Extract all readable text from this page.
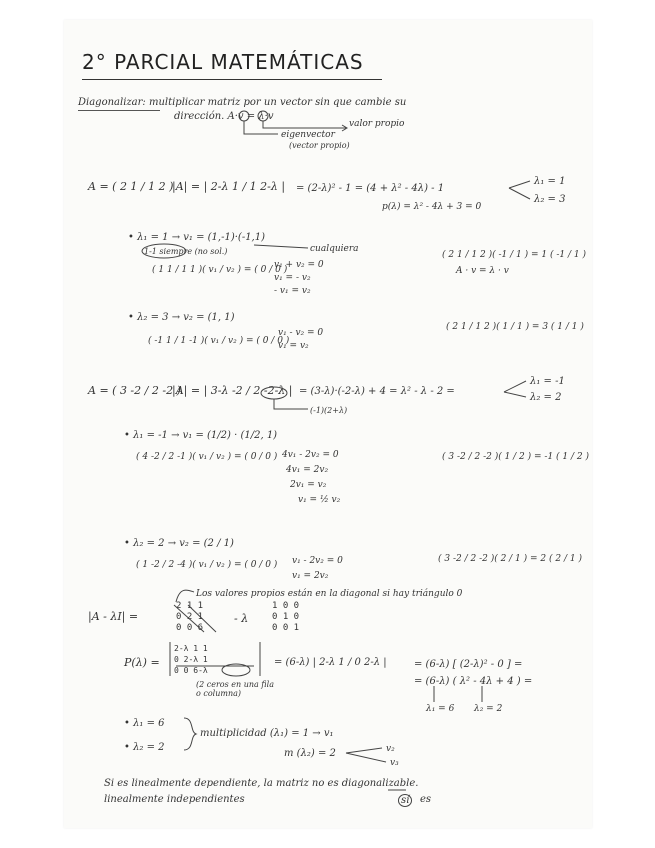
2° PARCIAL MATEMÁTICAS
Diagonalizar: multiplicar matriz por un vector sin que cambie su
dirección. A·v = λ·v
valor propio
eigenvector
(vector propio)
A = ( 2 1 / 1 2 )
|A| = | 2-λ 1 / 1 2-λ | = (2-λ)² - 1 = (4 + λ² - 4λ) - 1
p(λ) = λ² - 4λ + 3 = 0
λ₁ = 1
λ₂ = 3
• λ₁ = 1 → v₁ = (1,-1)·(-1,1)
cualquiera
1-1 siempre (no sol.)
( 1 1 / 1 1 )( v₁ / v₂ ) = ( 0 / 0 )
v₁ + v₂ = 0
v₁ = - v₂
- v₁ = v₂
( 2 1 / 1 2 )( -1 / 1 ) = 1 ( -1 / 1 )
A · v = λ · v
• λ₂ = 3 → v₂ = (1, 1)
( -1 1 / 1 -1 )( v₁ / v₂ ) = ( 0 / 0 )
v₁ - v₂ = 0
v₁ = v₂
( 2 1 / 1 2 )( 1 / 1 ) = 3 ( 1 / 1 )
A = ( 3 -2 / 2 -2 )
|A| = | 3-λ -2 / 2 -2-λ | = (3-λ)·(-2-λ) + 4 = λ² - λ - 2 =
(-1)(2+λ)
λ₁ = -1
λ₂ = 2
• λ₁ = -1 → v₁ = (1/2) · (1/2, 1)
( 4 -2 / 2 -1 )( v₁ / v₂ ) = ( 0 / 0 ) 4v₁ - 2v₂ = 0
4v₁ = 2v₂
2v₁ = v₂
v₁ = ½ v₂
( 3 -2 / 2 -2 )( 1 / 2 ) = -1 ( 1 / 2 )
• λ₂ = 2 → v₂ = (2 / 1)
( 1 -2 / 2 -4 )( v₁ / v₂ ) = ( 0 / 0 ) v₁ - 2v₂ = 0
v₁ = 2v₂
( 3 -2 / 2 -2 )( 2 / 1 ) = 2 ( 2 / 1 )
Los valores propios están en la diagonal si hay triángulo 0
|A - λI| =
2 1 1
0 2 1
0 0 6
- λ
1 0 0
0 1 0
0 0 1
P(λ) =
2-λ 1 1
0 2-λ 1
0 0 6-λ
(2 ceros en una fila o columna)
= (6-λ) | 2-λ 1 / 0 2-λ |	= (6-λ) [ (2-λ)² - 0 ] =
= (6-λ) ( λ² - 4λ + 4 ) =
λ₁ = 6 λ₂ = 2
• λ₁ = 6
• λ₂ = 2
multiplicidad (λ₁) = 1 → v₁
m (λ₂) = 2	v₂
v₃
Si es linealmente dependiente, la matriz no es diagonalizable.
linealmente independientes	sí	es
